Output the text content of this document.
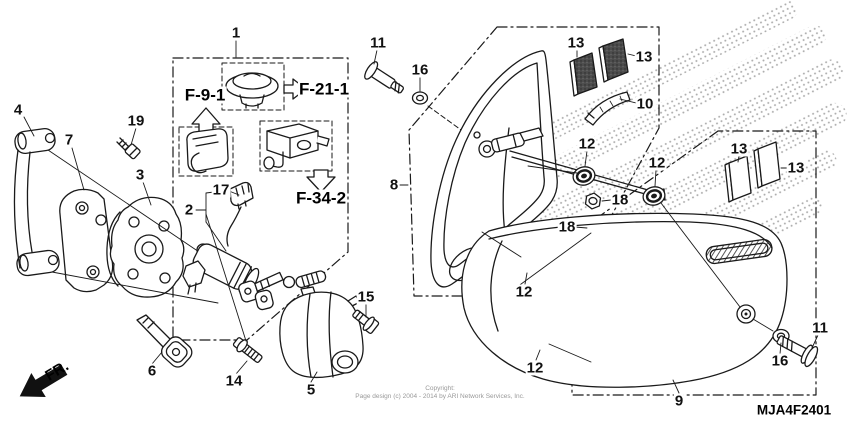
1
4
7
19
3
2
17
6
14
5
15
11
16
8
13
13
10
12
12
18
18
13
13
12
12
9
16
11
F-9-1	F-21-1
F-34-2
MJA4F2401
FR.
Copyright:
Page design (c) 2004 - 2014 by ARI Network Services, Inc.
